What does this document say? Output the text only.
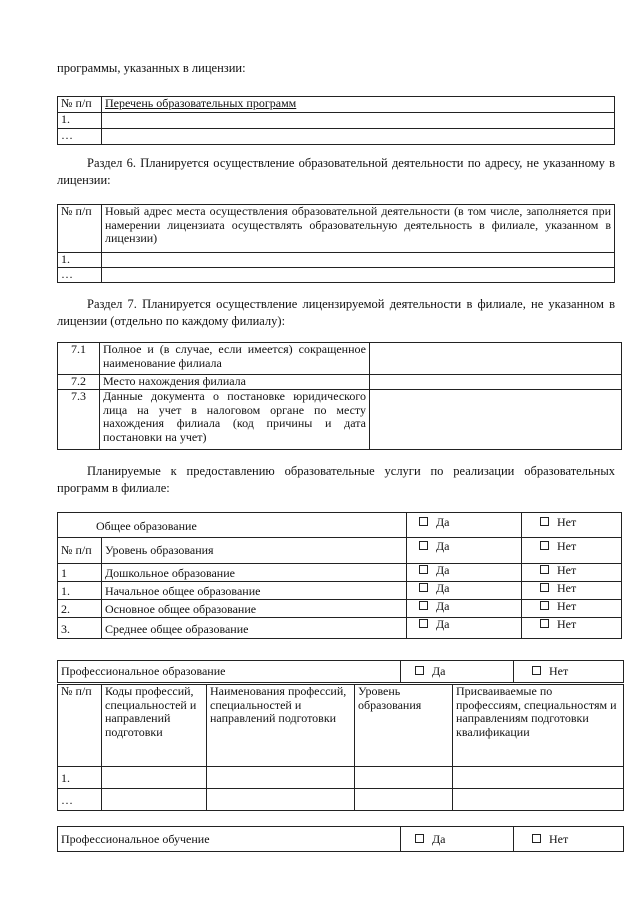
программы, указанных в лицензии:
№ п/п	Перечень образовательных программ
1.	
…	
Раздел 6. Планируется осуществление образовательной деятельности по адресу, не указанному в лицензии:
№ п/п	Новый адрес места осуществления образовательной деятельности (в том числе, заполняется при намерении лицензиата осуществлять образовательную деятельность в филиале, указанном в лицензии)
1.	
…	
Раздел 7. Планируется осуществление лицензируемой деятельности в филиале, не указанном в лицензии (отдельно по каждому филиалу):
7.1	Полное и (в случае, если имеется) сокращенное наименование филиала	
7.2	Место нахождения филиала	
7.3	Данные документа о постановке юридического лица на учет в налоговом органе по месту нахождения филиала (код причины и дата постановки на учет)	
Планируемые к предоставлению образовательные услуги по реализации образовательных программ в филиале:
Общее образование		Да	Нет
№ п/п	Уровень образования	Да	Нет
1	Дошкольное образование	Да	Нет
1.	Начальное общее образование	Да	Нет
2.	Основное общее образование	Да	Нет
3.	Среднее общее образование	Да	Нет
Профессиональное образование	Да	Нет
№ п/п	Коды профессий, специальностей и направлений подготовки	Наименования профессий, специальностей и направлений подготовки	Уровень образования	Присваиваемые по профессиям, специальностям и направлениям подготовки квалификации
1.				
…				
Профессиональное обучение	Да	Нет
